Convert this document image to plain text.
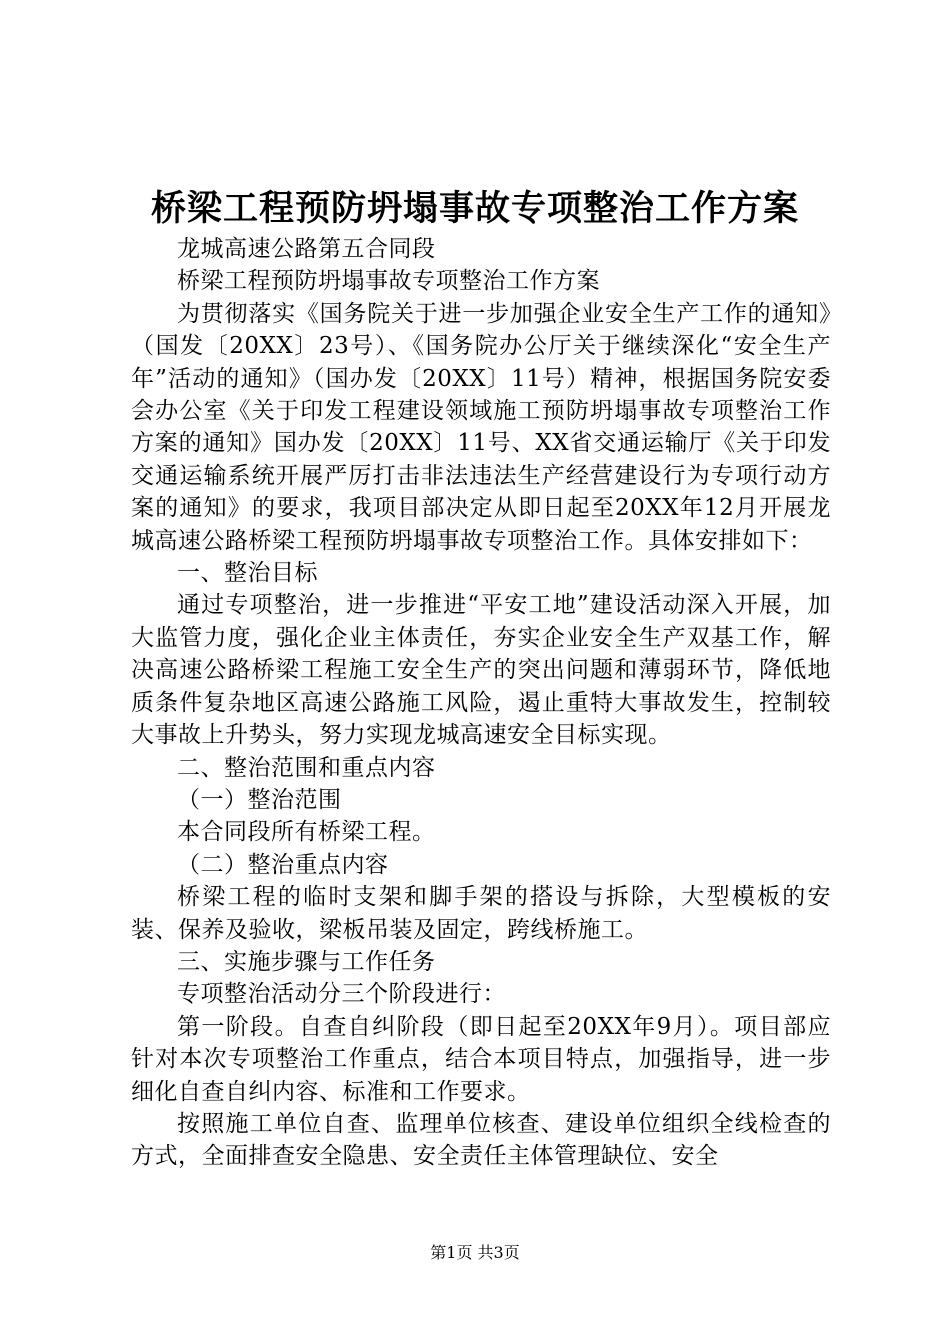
桥梁工程预防坍塌事故专项整治工作方案

龙城高速公路第五合同段

桥梁工程预防坍塌事故专项整治工作方案

为贯彻落实《国务院关于进一步加强企业安全生产工作的通知》（国发〔20XX〕23号）、《国务院办公厅关于继续深化“安全生产年”活动的通知》（国办发〔20XX〕11号）精神，根据国务院安委会办公室《关于印发工程建设领域施工预防坍塌事故专项整治工作方案的通知》国办发〔20XX〕11号、XX省交通运输厅《关于印发交通运输系统开展严厉打击非法违法生产经营建设行为专项行动方案的通知》的要求，我项目部决定从即日起至20XX年12月开展龙城高速公路桥梁工程预防坍塌事故专项整治工作。具体安排如下：

一、整治目标

通过专项整治，进一步推进“平安工地”建设活动深入开展，加大监管力度，强化企业主体责任，夯实企业安全生产双基工作，解决高速公路桥梁工程施工安全生产的突出问题和薄弱环节，降低地质条件复杂地区高速公路施工风险，遏止重特大事故发生，控制较大事故上升势头，努力实现龙城高速安全目标实现。

二、整治范围和重点内容

（一）整治范围

本合同段所有桥梁工程。

（二）整治重点内容

桥梁工程的临时支架和脚手架的搭设与拆除，大型模板的安装、保养及验收，梁板吊装及固定，跨线桥施工。

三、实施步骤与工作任务

专项整治活动分三个阶段进行：

第一阶段。自查自纠阶段（即日起至20XX年9月）。项目部应针对本次专项整治工作重点，结合本项目特点，加强指导，进一步细化自查自纠内容、标准和工作要求。

按照施工单位自查、监理单位核查、建设单位组织全线检查的方式，全面排查安全隐患、安全责任主体管理缺位、安全

第1页 共3页
